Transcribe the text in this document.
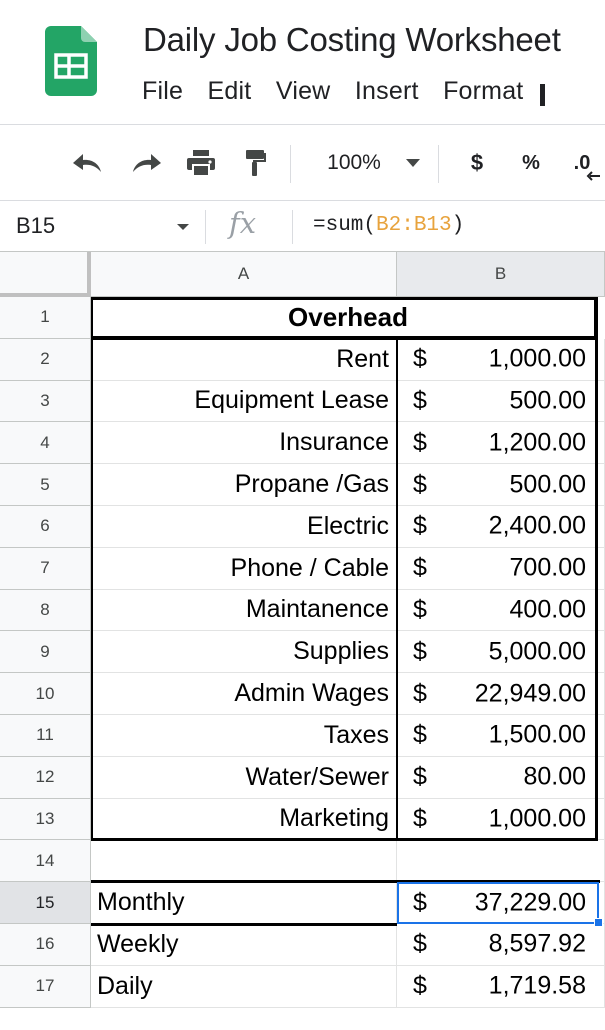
Daily Job Costing Worksheet
File Edit View Insert Format
100%	$ % .0
B15	fx	=sum(B2:B13)
A	B
1	Overhead
2	Rent $ 1,000.00
3	Equipment Lease $	500.00
4	Insurance $ 1,200.00
5	Propane /Gas $	500.00
6	Electric $ 2,400.00
7	Phone / Cable $	700.00
8	Maintanence $	400.00
9	Supplies $ 5,000.00
10	Admin Wages $ 22,949.00
11	Taxes $ 1,500.00
12	Water/Sewer $	80.00
13	Marketing $ 1,000.00
14
15	Monthly	$ 37,229.00
16	Weekly	$ 8,597.92
17	Daily	$ 1,719.58
